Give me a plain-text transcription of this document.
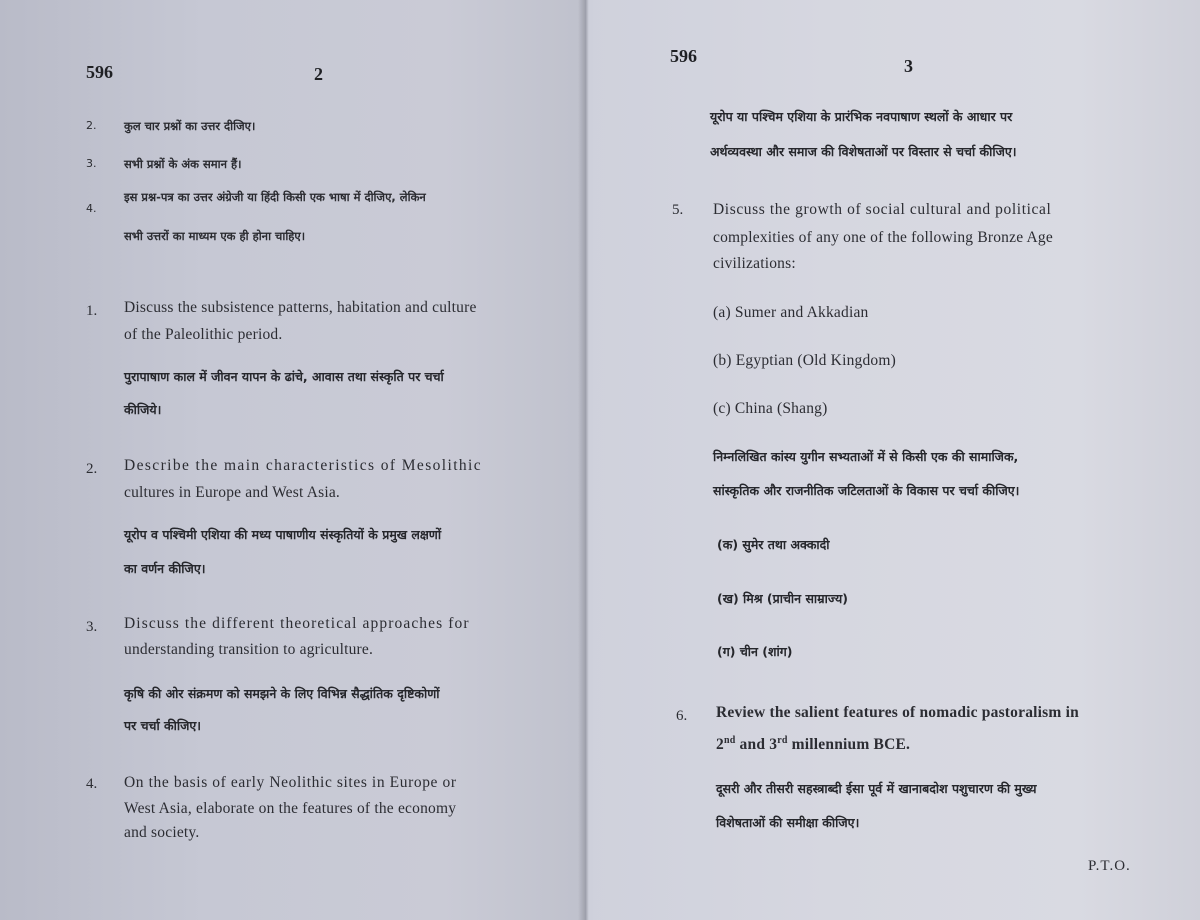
596	2
2. कुल चार प्रश्नों का उत्तर दीजिए।
3. सभी प्रश्नों के अंक समान हैं।
4.
इस प्रश्न-पत्र का उत्तर अंग्रेजी या हिंदी किसी एक भाषा में दीजिए, लेकिन
सभी उत्तरों का माध्यम एक ही होना चाहिए।
1. Discuss the subsistence patterns, habitation and culture
of the Paleolithic period.
पुरापाषाण काल में जीवन यापन के ढांचे, आवास तथा संस्कृति पर चर्चा
कीजिये।
2. Describe the main characteristics of Mesolithic
cultures in Europe and West Asia.
यूरोप व पश्चिमी एशिया की मध्य पाषाणीय संस्कृतियों के प्रमुख लक्षणों
का वर्णन कीजिए।
3. Discuss the different theoretical approaches for
understanding transition to agriculture.
कृषि की ओर संक्रमण को समझने के लिए विभिन्न सैद्धांतिक दृष्टिकोणों
पर चर्चा कीजिए।
4. On the basis of early Neolithic sites in Europe or
West Asia, elaborate on the features of the economy
and society.
596	3
यूरोप या पश्चिम एशिया के प्रारंभिक नवपाषाण स्थलों के आधार पर
अर्थव्यवस्था और समाज की विशेषताओं पर विस्तार से चर्चा कीजिए।
5. Discuss the growth of social cultural and political
complexities of any one of the following Bronze Age
civilizations:
(a) Sumer and Akkadian
(b) Egyptian (Old Kingdom)
(c) China (Shang)
निम्नलिखित कांस्य युगीन सभ्यताओं में से किसी एक की सामाजिक,
सांस्कृतिक और राजनीतिक जटिलताओं के विकास पर चर्चा कीजिए।
(क) सुमेर तथा अक्कादी
(ख) मिश्र (प्राचीन साम्राज्य)
(ग) चीन (शांग)
6. Review the salient features of nomadic pastoralism in
2nd and 3rd millennium BCE.
दूसरी और तीसरी सहस्त्राब्दी ईसा पूर्व में खानाबदोश पशुचारण की मुख्य
विशेषताओं की समीक्षा कीजिए।
P.T.O.
